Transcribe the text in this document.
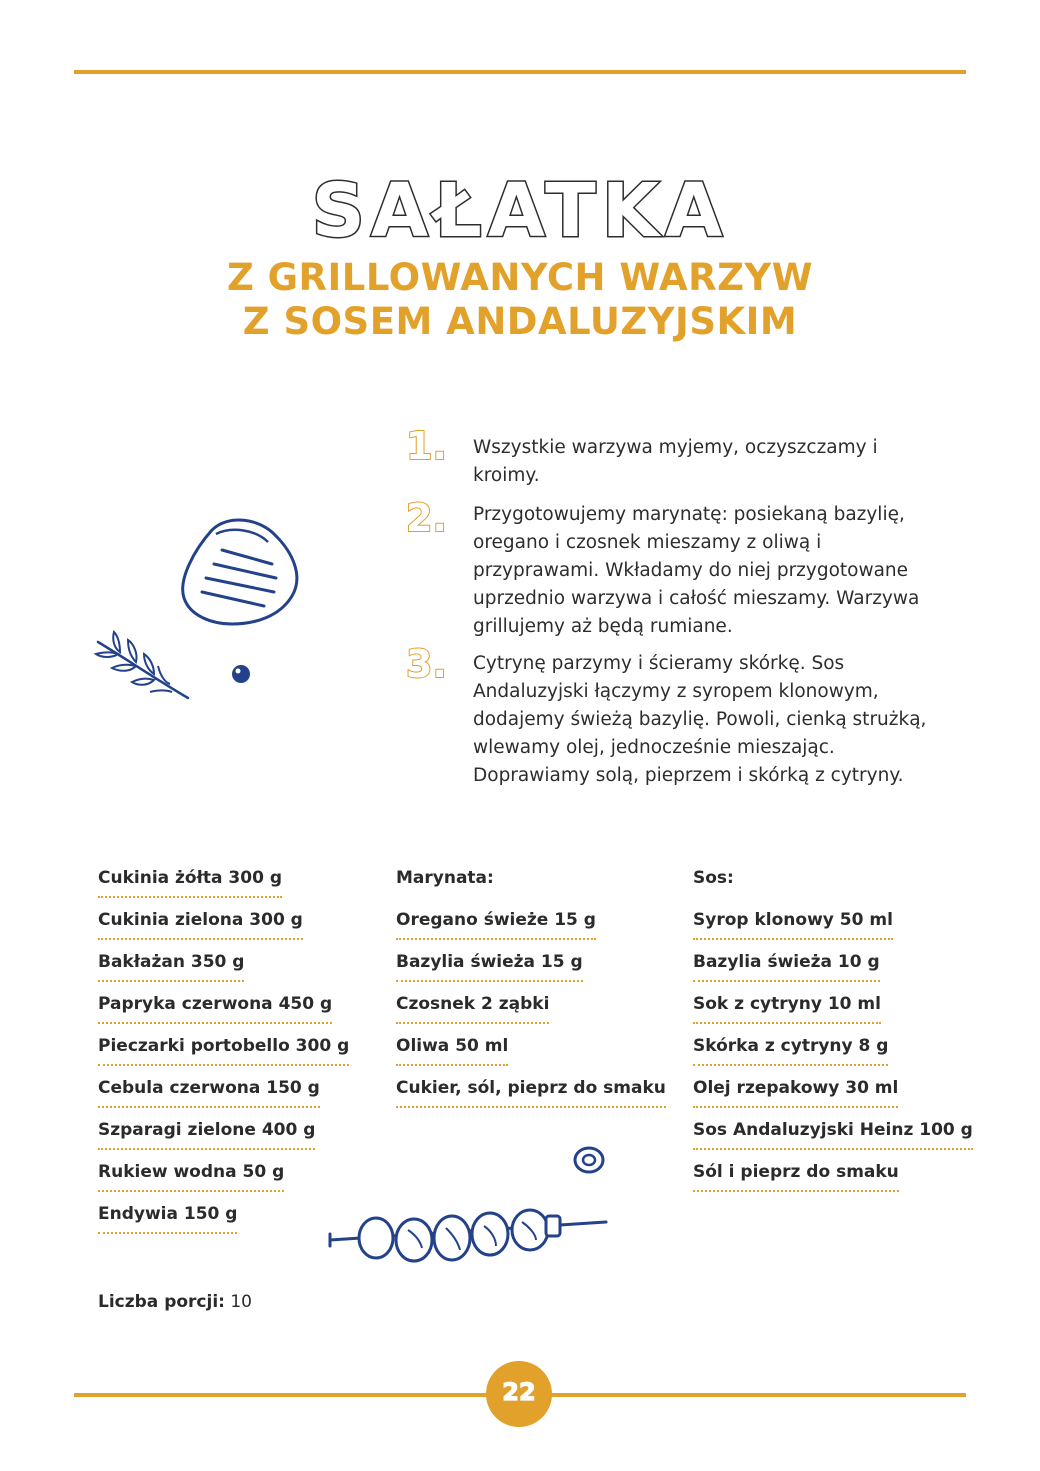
SAŁATKA
Z GRILLOWANYCH WARZYW
Z SOSEM ANDALUZYJSKIM
1. Wszystkie warzywa myjemy, oczyszczamy i kroimy.
2. Przygotowujemy marynatę: posiekaną bazylię, oregano i czosnek mieszamy z oliwą i przyprawami. Wkładamy do niej przygotowane uprzednio warzywa i całość mieszamy. Warzywa grillujemy aż będą rumiane.
3. Cytrynę parzymy i ścieramy skórkę. Sos Andaluzyjski łączymy z syropem klonowym, dodajemy świeżą bazylię. Powoli, cienką strużką, wlewamy olej, jednocześnie mieszając. Doprawiamy solą, pieprzem i skórką z cytryny.
Cukinia żółta 300 g
Cukinia zielona 300 g
Bakłażan 350 g
Papryka czerwona 450 g
Pieczarki portobello 300 g
Cebula czerwona 150 g
Szparagi zielone 400 g
Rukiew wodna 50 g
Endywia 150 g
Marynata:
Oregano świeże 15 g
Bazylia świeża 15 g
Czosnek 2 ząbki
Oliwa 50 ml
Cukier, sól, pieprz do smaku
Sos:
Syrop klonowy 50 ml
Bazylia świeża 10 g
Sok z cytryny 10 ml
Skórka z cytryny 8 g
Olej rzepakowy 30 ml
Sos Andaluzyjski Heinz 100 g
Sól i pieprz do smaku
Liczba porcji: 10
22
